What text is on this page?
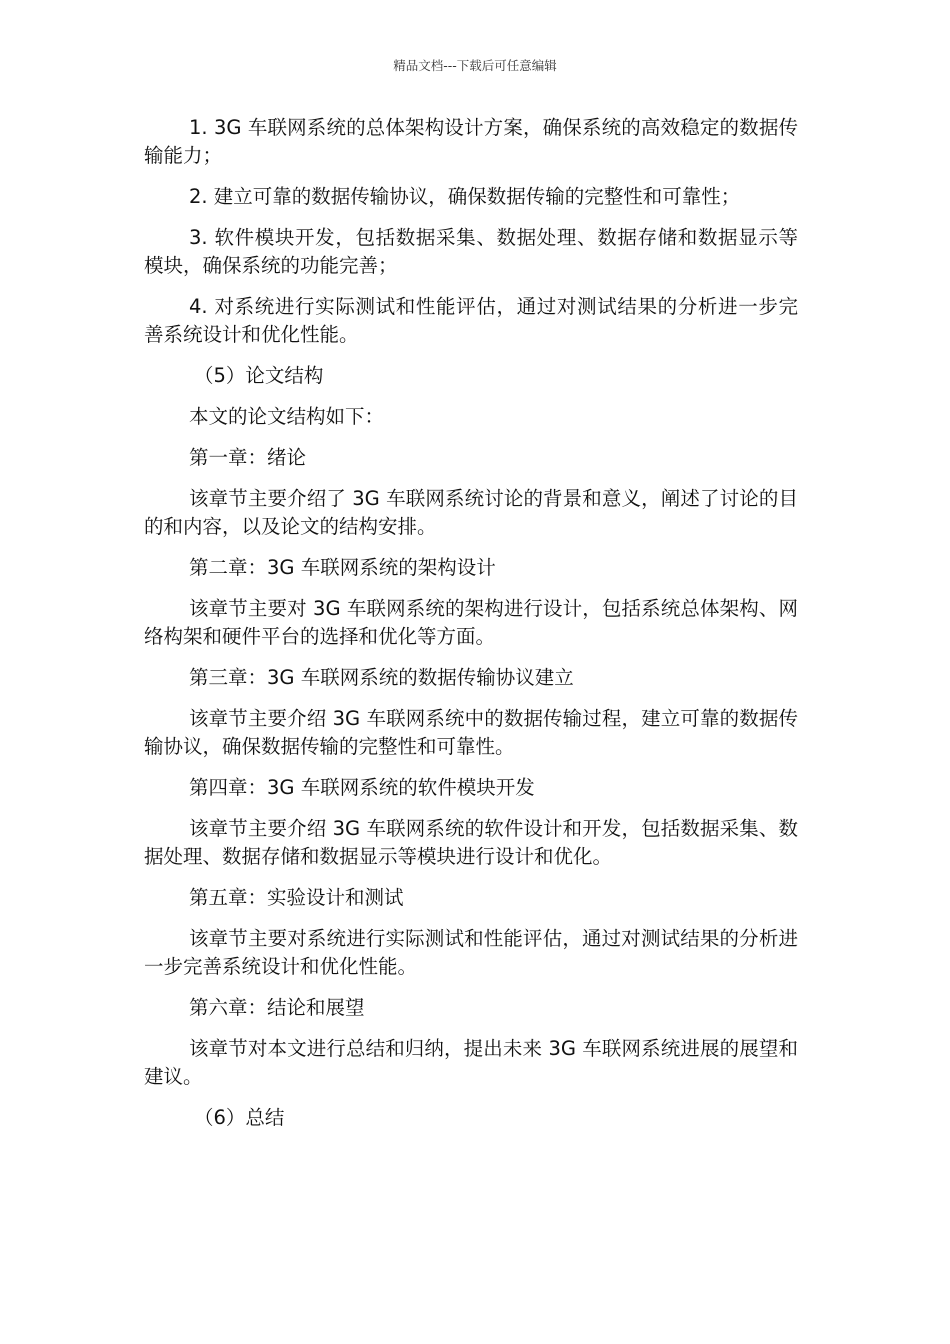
精品文档---下载后可任意编辑

1. 3G 车联网系统的总体架构设计方案，确保系统的高效稳定的数据传输能力；

2. 建立可靠的数据传输协议，确保数据传输的完整性和可靠性；

3. 软件模块开发，包括数据采集、数据处理、数据存储和数据显示等模块，确保系统的功能完善；

4. 对系统进行实际测试和性能评估，通过对测试结果的分析进一步完善系统设计和优化性能。

（5）论文结构

本文的论文结构如下：

第一章：绪论

该章节主要介绍了 3G 车联网系统讨论的背景和意义，阐述了讨论的目的和内容，以及论文的结构安排。

第二章：3G 车联网系统的架构设计

该章节主要对 3G 车联网系统的架构进行设计，包括系统总体架构、网络构架和硬件平台的选择和优化等方面。

第三章：3G 车联网系统的数据传输协议建立

该章节主要介绍 3G 车联网系统中的数据传输过程，建立可靠的数据传输协议，确保数据传输的完整性和可靠性。

第四章：3G 车联网系统的软件模块开发

该章节主要介绍 3G 车联网系统的软件设计和开发，包括数据采集、数据处理、数据存储和数据显示等模块进行设计和优化。

第五章：实验设计和测试

该章节主要对系统进行实际测试和性能评估，通过对测试结果的分析进一步完善系统设计和优化性能。

第六章：结论和展望

该章节对本文进行总结和归纳，提出未来 3G 车联网系统进展的展望和建议。

（6）总结
